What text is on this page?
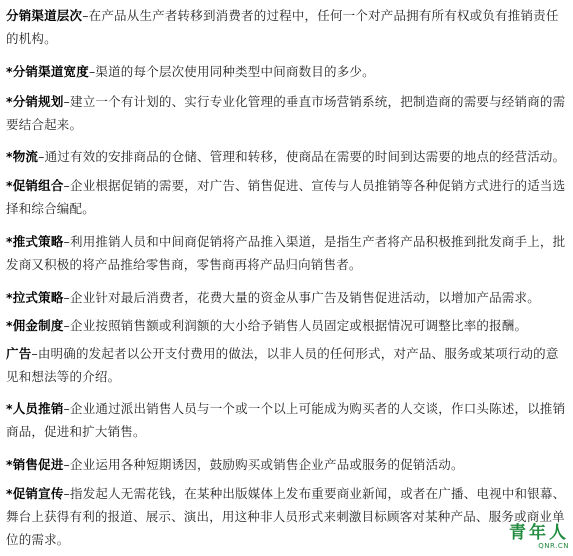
分销渠道层次–在产品从生产者转移到消费者的过程中，任何一个对产品拥有所有权或负有推销责任的机构。

*分销渠道宽度–渠道的每个层次使用同种类型中间商数目的多少。

*分销规划–建立一个有计划的、实行专业化管理的垂直市场营销系统，把制造商的需要与经销商的需要结合起来。

*物流–通过有效的安排商品的仓储、管理和转移，使商品在需要的时间到达需要的地点的经营活动。

*促销组合–企业根据促销的需要，对广告、销售促进、宣传与人员推销等各种促销方式进行的适当选择和综合编配。

*推式策略–利用推销人员和中间商促销将产品推入渠道，是指生产者将产品积极推到批发商手上，批发商又积极的将产品推给零售商，零售商再将产品归向销售者。

*拉式策略–企业针对最后消费者，花费大量的资金从事广告及销售促进活动，以增加产品需求。

*佣金制度–企业按照销售额或利润额的大小给予销售人员固定或根据情况可调整比率的报酬。

广告–由明确的发起者以公开支付费用的做法，以非人员的任何形式，对产品、服务或某项行动的意见和想法等的介绍。

*人员推销–企业通过派出销售人员与一个或一个以上可能成为购买者的人交谈，作口头陈述，以推销商品，促进和扩大销售。

*销售促进–企业运用各种短期诱因，鼓励购买或销售企业产品或服务的促销活动。

*促销宣传–指发起人无需花钱，在某种出版媒体上发布重要商业新闻，或者在广播、电视中和银幕、舞台上获得有利的报道、展示、演出，用这种非人员形式来刺激目标顾客对某种产品、服务或商业单位的需求。	青年人
QNR.CN
